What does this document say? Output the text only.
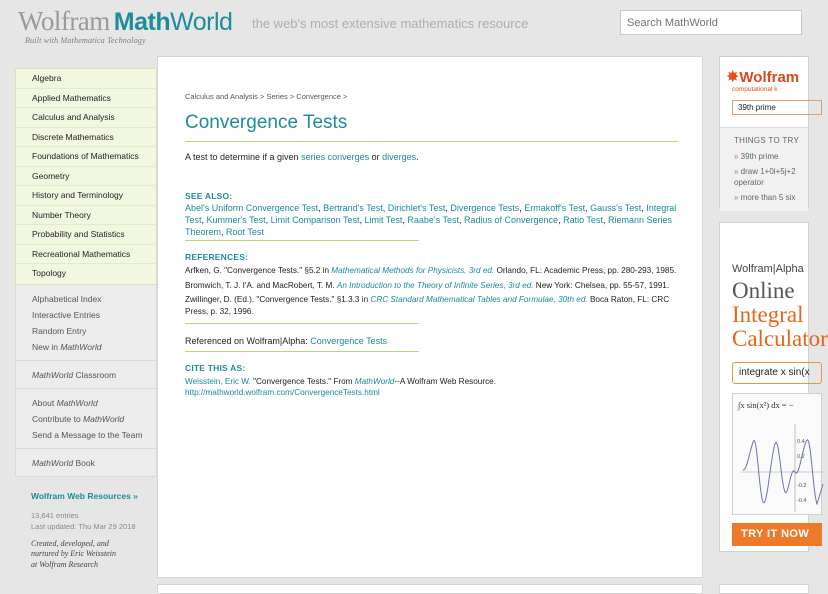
Wolfram MathWorld
Built with Mathematica Technology
the web's most extensive mathematics resource
Search MathWorld
Algebra
Applied Mathematics
Calculus and Analysis
Discrete Mathematics
Foundations of Mathematics
Geometry
History and Terminology
Number Theory
Probability and Statistics
Recreational Mathematics
Topology
Alphabetical Index
Interactive Entries
Random Entry
New in MathWorld
MathWorld Classroom
About MathWorld
Contribute to MathWorld
Send a Message to the Team
MathWorld Book
Wolfram Web Resources »
13,641 entries
Last updated: Thu Mar 29 2018
Created, developed, and
nurtured by Eric Weisstein
at Wolfram Research
Calculus and Analysis > Series > Convergence >
Convergence Tests
A test to determine if a given series converges or diverges.
SEE ALSO:
Abel's Uniform Convergence Test, Bertrand's Test, Dirichlet's Test, Divergence Tests, Ermakoff's Test, Gauss's Test, Integral Test, Kummer's Test, Limit Comparison Test, Limit Test, Raabe's Test, Radius of Convergence, Ratio Test, Riemann Series Theorem, Root Test
REFERENCES:
Arfken, G. "Convergence Tests." §5.2 in Mathematical Methods for Physicists, 3rd ed. Orlando, FL: Academic Press, pp. 280-293, 1985.
Bromwich, T. J. I'A. and MacRobert, T. M. An Introduction to the Theory of Infinite Series, 3rd ed. New York: Chelsea, pp. 55-57, 1991.
Zwillinger, D. (Ed.). "Convergence Tests." §1.3.3 in CRC Standard Mathematical Tables and Formulae, 30th ed. Boca Raton, FL: CRC Press, p. 32, 1996.
Referenced on Wolfram|Alpha: Convergence Tests
CITE THIS AS:
Weisstein, Eric W. "Convergence Tests." From MathWorld--A Wolfram Web Resource.
http://mathworld.wolfram.com/ConvergenceTests.html
✸Wolfram
computational k
39th prime
THINGS TO TRY
» 39th prime
» draw 1+0i+5j+2
operator
» more than 5 six
Wolfram|Alpha
Online
Integral
Calculator
integrate x sin(x
∫x sin(x²) dx = −
0.4
0.2
-0.2
-0.4
TRY IT NOW
